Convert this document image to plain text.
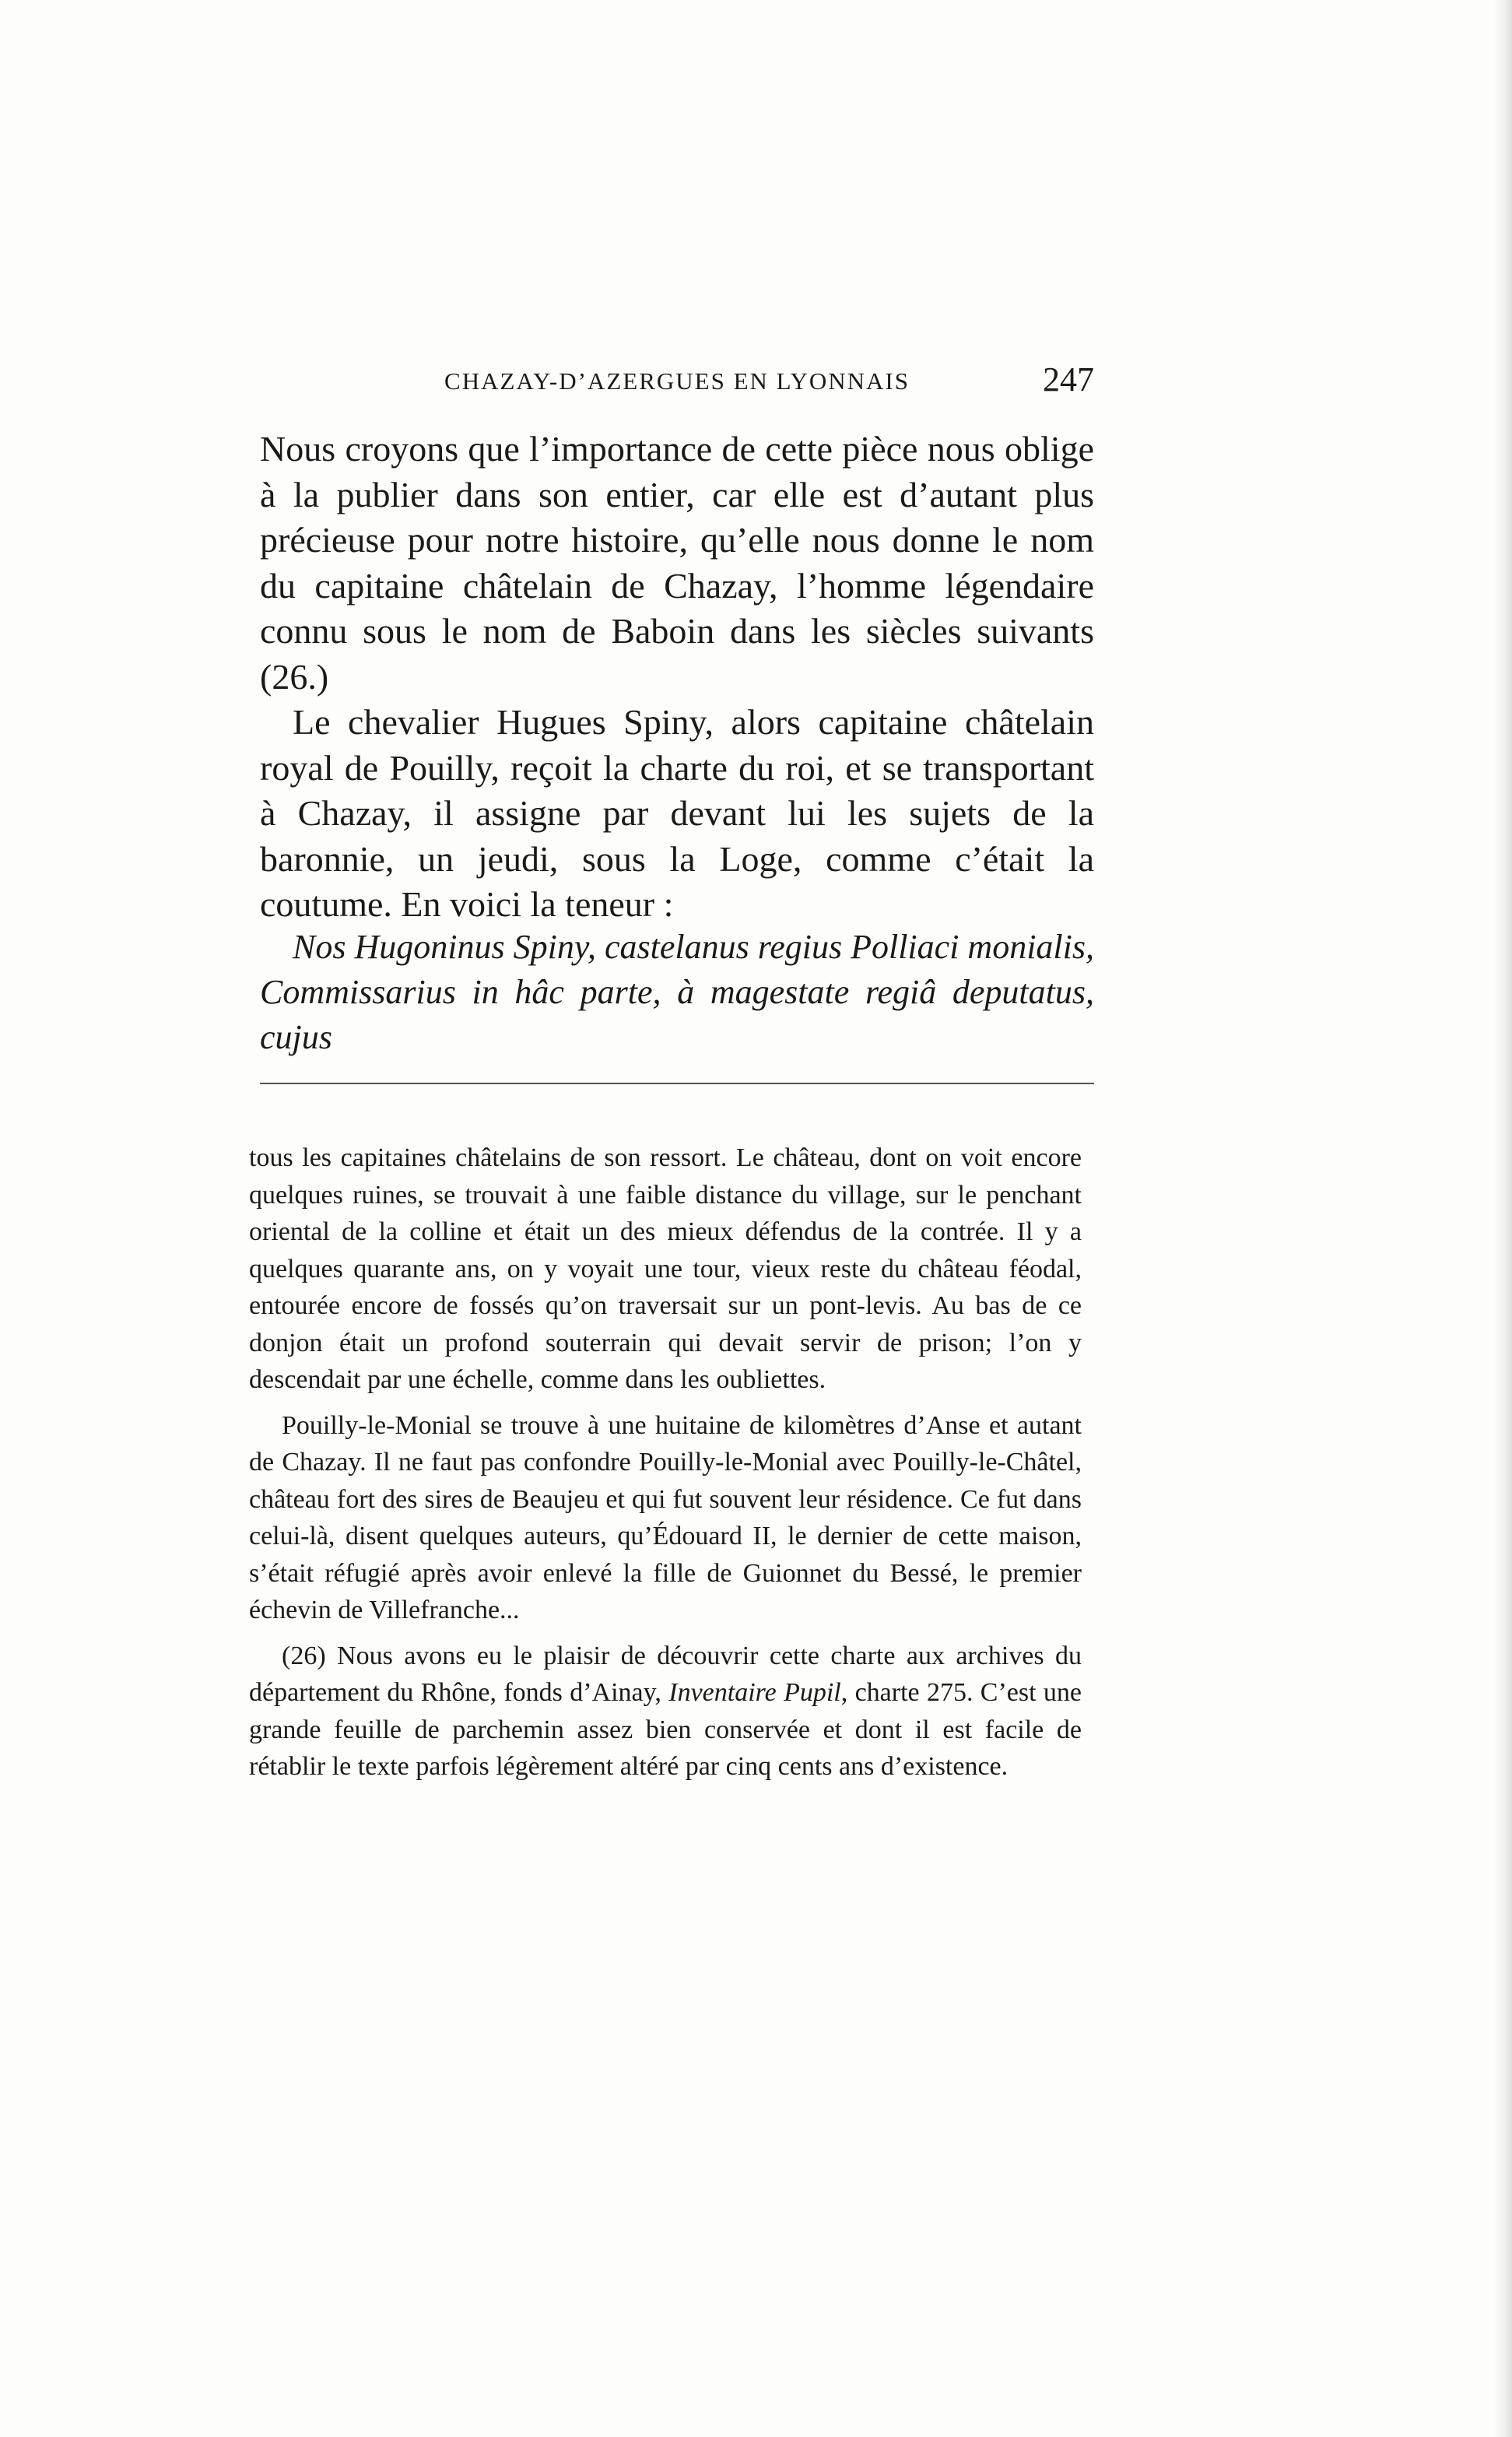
CHAZAY-D’AZERGUES EN LYONNAIS	247

Nous croyons que l’importance de cette pièce nous oblige à la publier dans son entier, car elle est d’autant plus précieuse pour notre histoire, qu’elle nous donne le nom du capitaine châtelain de Chazay, l’homme légendaire connu sous le nom de Baboin dans les siècles suivants (26.)

Le chevalier Hugues Spiny, alors capitaine châtelain royal de Pouilly, reçoit la charte du roi, et se transportant à Chazay, il assigne par devant lui les sujets de la baronnie, un jeudi, sous la Loge, comme c’était la coutume. En voici la teneur :

Nos Hugoninus Spiny, castelanus regius Polliaci monialis, Commissarius in hâc parte, à magestate regiâ deputatus, cujus

tous les capitaines châtelains de son ressort. Le château, dont on voit encore quelques ruines, se trouvait à une faible distance du village, sur le penchant oriental de la colline et était un des mieux défendus de la contrée. Il y a quelques quarante ans, on y voyait une tour, vieux reste du château féodal, entourée encore de fossés qu’on traversait sur un pont-levis. Au bas de ce donjon était un profond souterrain qui devait servir de prison; l’on y descendait par une échelle, comme dans les oubliettes.

Pouilly-le-Monial se trouve à une huitaine de kilomètres d’Anse et autant de Chazay. Il ne faut pas confondre Pouilly-le-Monial avec Pouilly-le-Châtel, château fort des sires de Beaujeu et qui fut souvent leur résidence. Ce fut dans celui-là, disent quelques auteurs, qu’Édouard II, le dernier de cette maison, s’était réfugié après avoir enlevé la fille de Guionnet du Bessé, le premier échevin de Villefranche...

(26) Nous avons eu le plaisir de découvrir cette charte aux archives du département du Rhône, fonds d’Ainay, Inventaire Pupil, charte 275. C’est une grande feuille de parchemin assez bien conservée et dont il est facile de rétablir le texte parfois légèrement altéré par cinq cents ans d’existence.
